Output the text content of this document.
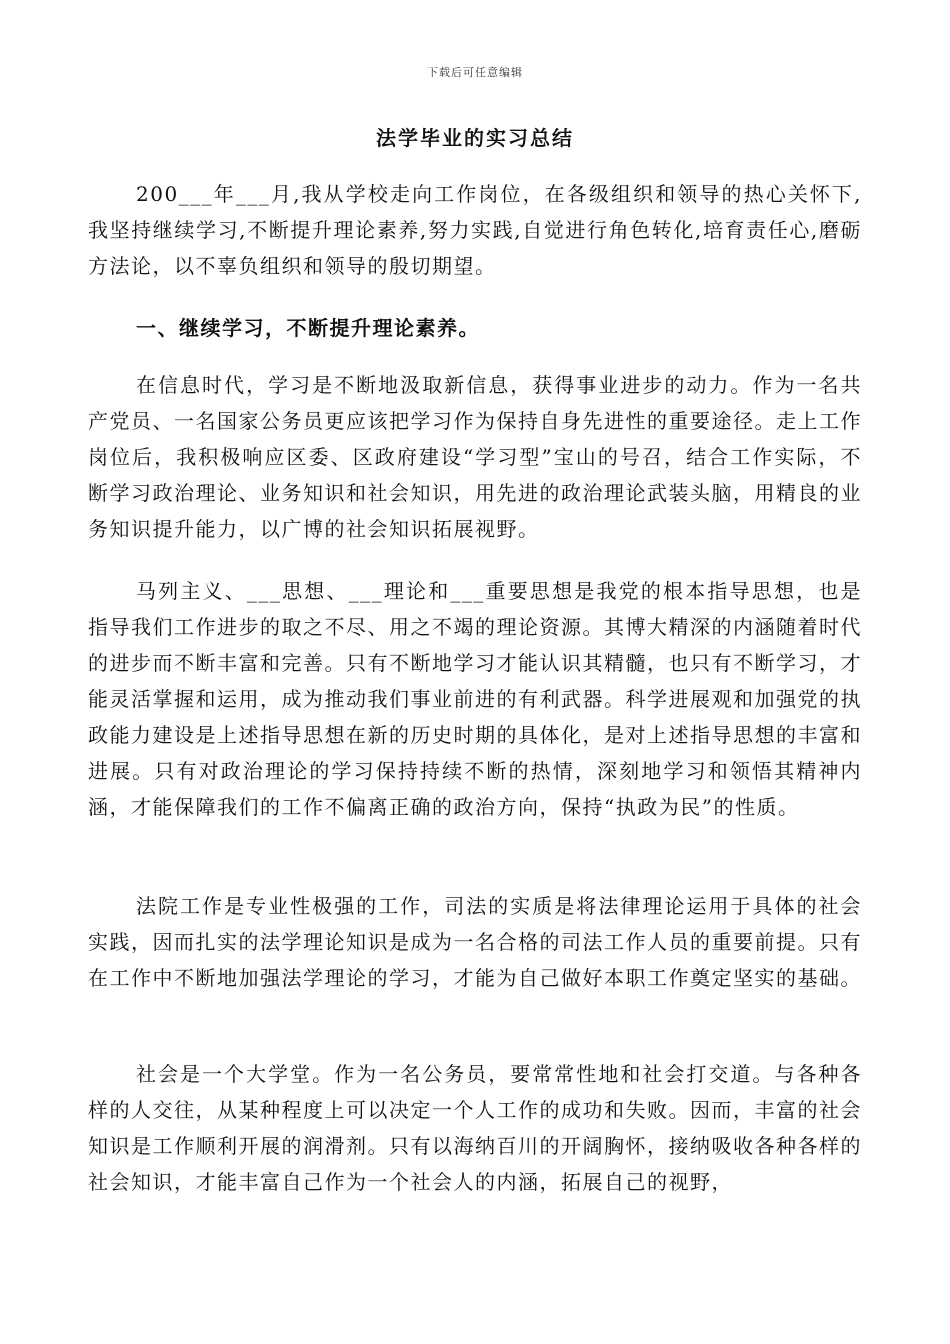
下载后可任意编辑
法学毕业的实习总结

200___年___月,我从学校走向工作岗位，在各级组织和领导的热心关怀下,我坚持继续学习,不断提升理论素养,努力实践,自觉进行角色转化,培育责任心,磨砺方法论，以不辜负组织和领导的殷切期望。

一、继续学习，不断提升理论素养。

在信息时代，学习是不断地汲取新信息，获得事业进步的动力。作为一名共产党员、一名国家公务员更应该把学习作为保持自身先进性的重要途径。走上工作岗位后，我积极响应区委、区政府建设“学习型”宝山的号召，结合工作实际，不断学习政治理论、业务知识和社会知识，用先进的政治理论武装头脑，用精良的业务知识提升能力，以广博的社会知识拓展视野。

马列主义、___思想、___理论和___重要思想是我党的根本指导思想，也是指导我们工作进步的取之不尽、用之不竭的理论资源。其博大精深的内涵随着时代的进步而不断丰富和完善。只有不断地学习才能认识其精髓，也只有不断学习，才能灵活掌握和运用，成为推动我们事业前进的有利武器。科学进展观和加强党的执政能力建设是上述指导思想在新的历史时期的具体化，是对上述指导思想的丰富和进展。只有对政治理论的学习保持持续不断的热情，深刻地学习和领悟其精神内涵，才能保障我们的工作不偏离正确的政治方向，保持“执政为民”的性质。

法院工作是专业性极强的工作，司法的实质是将法律理论运用于具体的社会实践，因而扎实的法学理论知识是成为一名合格的司法工作人员的重要前提。只有在工作中不断地加强法学理论的学习，才能为自己做好本职工作奠定坚实的基础。

社会是一个大学堂。作为一名公务员，要常常性地和社会打交道。与各种各样的人交往，从某种程度上可以决定一个人工作的成功和失败。因而，丰富的社会知识是工作顺利开展的润滑剂。只有以海纳百川的开阔胸怀，接纳吸收各种各样的社会知识，才能丰富自己作为一个社会人的内涵，拓展自己的视野，
